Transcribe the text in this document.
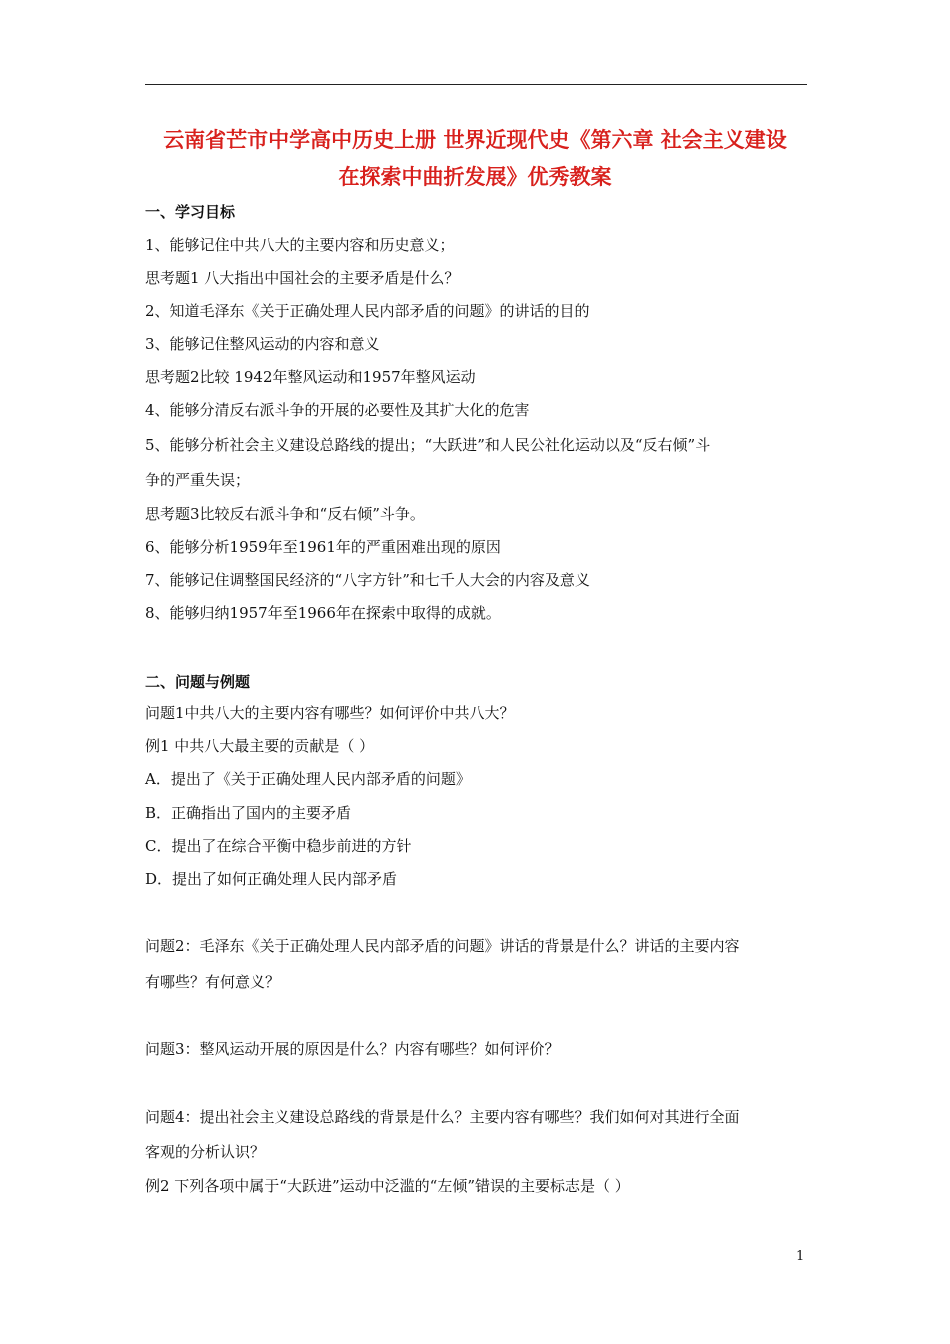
云南省芒市中学高中历史上册 世界近现代史《第六章 社会主义建设
在探索中曲折发展》优秀教案
一、学习目标
1、能够记住中共八大的主要内容和历史意义；
思考题1 八大指出中国社会的主要矛盾是什么？
2、知道毛泽东《关于正确处理人民内部矛盾的问题》的讲话的目的
3、能够记住整风运动的内容和意义
思考题2比较 1942年整风运动和1957年整风运动
4、能够分清反右派斗争的开展的必要性及其扩大化的危害
5、能够分析社会主义建设总路线的提出；“大跃进”和人民公社化运动以及“反右倾”斗
争的严重失误；
思考题3比较反右派斗争和“反右倾”斗争。
6、能够分析1959年至1961年的严重困难出现的原因
7、能够记住调整国民经济的“八字方针”和七千人大会的内容及意义
8、能够归纳1957年至1966年在探索中取得的成就。
二、问题与例题
问题1中共八大的主要内容有哪些？如何评价中共八大？
例1 中共八大最主要的贡献是（ ）
A．提出了《关于正确处理人民内部矛盾的问题》
B．正确指出了国内的主要矛盾
C．提出了在综合平衡中稳步前进的方针
D．提出了如何正确处理人民内部矛盾
问题2：毛泽东《关于正确处理人民内部矛盾的问题》讲话的背景是什么？讲话的主要内容
有哪些？有何意义？
问题3：整风运动开展的原因是什么？内容有哪些？如何评价？
问题4：提出社会主义建设总路线的背景是什么？主要内容有哪些？我们如何对其进行全面
客观的分析认识？
例2 下列各项中属于“大跃进”运动中泛滥的“左倾”错误的主要标志是（ ）
1
